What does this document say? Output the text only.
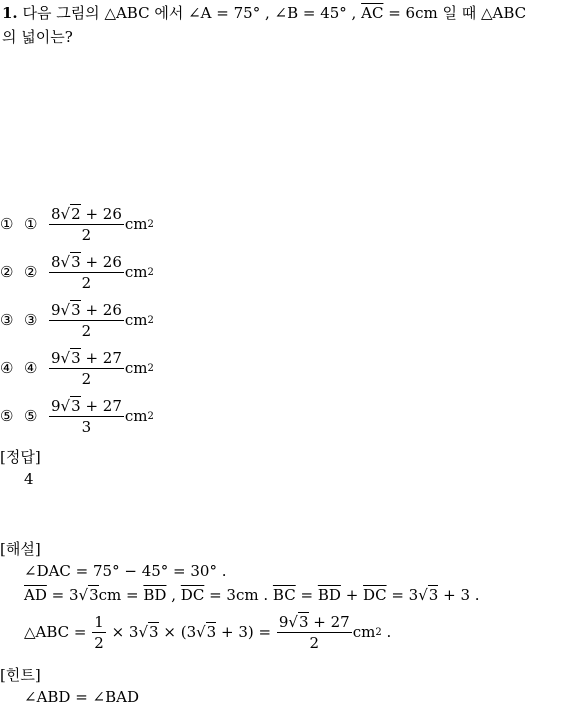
1. 다음 그림의 △ABC 에서 ∠A = 75° , ∠B = 45° , $\overline{AC} = 6cm$ 일 때 △ABC
의 넓이는?
① ① $\frac{8√2 + 26}{2}$ cm 2
② ② $\frac{8√3 + 26}{2}$ cm 2
③ ③ $\frac{9√3 + 26}{2}$ cm 2
④ ④ $\frac{9√3 + 27}{2}$ cm 2
⑤ ⑤ $\frac{9√3 + 27}{3}$ cm 2
[정답]
4
[해설]
∠DAC = 75° − 45° = 30° .
$\overline{AD} = 3√3cm = \overline{BD}$ , $\overline{DC} = 3cm$ . $\overline{BC} = \overline{BD} + \overline{DC} = 3√3 + 3$ .
△ABC =
$\frac{1}{2}$
× 3 √3
× (3 √3
+ 3) =
$\frac{9√3 + 27}{2}$ cm 2
.
[힌트]
∠ABD = ∠BAD
